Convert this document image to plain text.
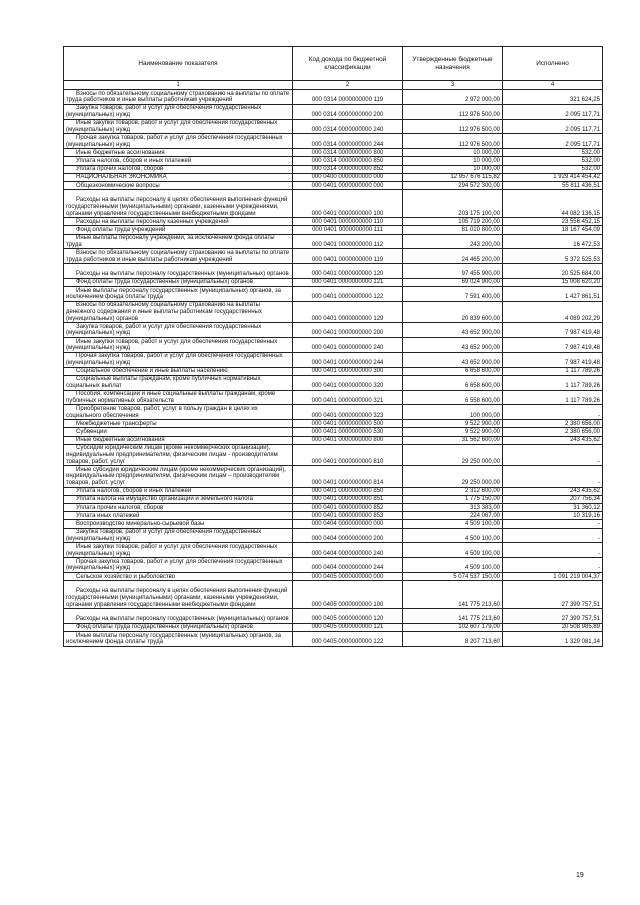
Наименование показателя	Код дохода по бюджетной классификации	Утвержденные бюджетные назначения	Исполнено
1	2	3	4
Взносы по обязательному социальному страхованию на выплаты по оплате труда работников и иные выплаты работникам учреждений	000 0314 0000000000 119	2 972 000,00	321 624,25
Закупка товаров, работ и услуг для обеспечения государственных (муниципальных) нужд	000 0314 0000000000 200	112 976 500,00	2 095 117,71
Иные закупки товаров, работ и услуг для обеспечения государственных (муниципальных) нужд	000 0314 0000000000 240	112 976 500,00	2 095 117,71
Прочая закупка товаров, работ и услуг для обеспечения государственных (муниципальных) нужд	000 0314 0000000000 244	112 976 500,00	2 095 117,71
Иные бюджетные ассигнования	000 0314 0000000000 800	10 000,00	532,00
Уплата налогов, сборов и иных платежей	000 0314 0000000000 850	10 000,00	532,00
Уплата прочих налогов, сборов	000 0314 0000000000 852	10 000,00	532,00
НАЦИОНАЛЬНАЯ ЭКОНОМИКА	000 0400 0000000000 000	12 957 676 115,82	1 929 414 454,42
Общеэкономические вопросы	000 0401 0000000000 000	294 572 300,00	55 811 436,51
Расходы на выплаты персоналу в целях обеспечения выполнения функций государственными (муниципальными) органами, казенными учреждениями, органами управления государственными внебюджетными фондами	000 0401 0000000000 100	203 175 100,00	44 082 136,15
Расходы на выплаты персоналу казенных учреждений	000 0401 0000000000 110	105 719 200,00	23 556 452,15
Фонд оплаты труда учреждений	000 0401 0000000000 111	81 010 800,00	18 167 454,09
Иные выплаты персоналу учреждений, за исключением фонда оплаты труда	000 0401 0000000000 112	243 200,00	16 472,53
Взносы по обязательному социальному страхованию на выплаты по оплате труда работников и иные выплаты работникам учреждений	000 0401 0000000000 119	24 465 200,00	5 372 525,53
Расходы на выплаты персоналу государственных (муниципальных) органов	000 0401 0000000000 120	97 455 900,00	20 525 684,00
Фонд оплаты труда государственных (муниципальных) органов	000 0401 0000000000 121	69 024 900,00	15 008 620,20
Иные выплаты персоналу государственных (муниципальных) органов, за исключением фонда оплаты труда	000 0401 0000000000 122	7 591 400,00	1 427 861,51
Взносы по обязательному социальному страхованию на выплаты денежного содержания и иные выплаты работникам государственных (муниципальных) органов	000 0401 0000000000 129	20 839 600,00	4 089 202,29
Закупка товаров, работ и услуг для обеспечения государственных (муниципальных) нужд	000 0401 0000000000 200	43 652 900,00	7 987 419,48
Иные закупки товаров, работ и услуг для обеспечения государственных (муниципальных) нужд	000 0401 0000000000 240	43 652 900,00	7 987 419,48
Прочая закупка товаров, работ и услуг для обеспечения государственных (муниципальных) нужд	000 0401 0000000000 244	43 652 900,00	7 987 419,48
Социальное обеспечение и иные выплаты населению	000 0401 0000000000 300	6 658 600,00	1 117 789,26
Социальные выплаты гражданам, кроме публичных нормативных социальных выплат	000 0401 0000000000 320	6 658 600,00	1 117 789,26
Пособия, компенсации и иные социальные выплаты гражданам, кроме публичных нормативных обязательств	000 0401 0000000000 321	6 558 600,00	1 117 789,26
Приобретение товаров, работ, услуг в пользу граждан в целях их социального обеспечения	000 0401 0000000000 323	100 000,00	-
Межбюджетные трансферты	000 0401 0000000000 500	9 522 900,00	2 380 656,00
Субвенции	000 0401 0000000000 530	9 522 900,00	2 380 656,00
Иные бюджетные ассигнования	000 0401 0000000000 800	31 562 600,00	243 435,62
Субсидии юридическим лицам (кроме некоммерческих организаций), индивидуальным предпринимателям, физическим лицам - производителям товаров, работ, услуг	000 0401 0000000000 810	29 250 000,00	-
Иные субсидии юридическим лицам (кроме некоммерческих организаций), индивидуальным предпринимателям, физическим лицам – производителям товаров, работ, услуг	000 0401 0000000000 814	29 250 000,00	-
Уплата налогов, сборов и иных платежей	000 0401 0000000000 850	2 312 600,00	243 435,62
Уплата налога на имущество организаций и земельного налога	000 0401 0000000000 851	1 775 150,00	207 756,34
Уплата прочих налогов, сборов	000 0401 0000000000 852	313 383,00	31 360,12
Уплата иных платежей	000 0401 0000000000 853	224 067,00	10 319,16
Воспроизводство минерально-сырьевой базы	000 0404 0000000000 000	4 509 100,00	-
Закупка товаров, работ и услуг для обеспечения государственных (муниципальных) нужд	000 0404 0000000000 200	4 509 100,00	-
Иные закупки товаров, работ и услуг для обеспечения государственных (муниципальных) нужд	000 0404 0000000000 240	4 509 100,00	-
Прочая закупка товаров, работ и услуг для обеспечения государственных (муниципальных) нужд	000 0404 0000000000 244	4 509 100,00	-
Сельское хозяйство и рыболовство	000 0405 0000000000 000	5 074 537 150,00	1 091 219 004,37
Расходы на выплаты персоналу в целях обеспечения выполнения функций государственными (муниципальными) органами, казенными учреждениями, органами управления государственными внебюджетными фондами	000 0405 0000000000 100	141 775 213,60	27 399 757,51
Расходы на выплаты персоналу государственных (муниципальных) органов	000 0405 0000000000 120	141 775 213,60	27 399 757,51
Фонд оплаты труда государственных (муниципальных) органов	000 0405 0000000000 121	102 607 179,00	20 508 985,89
Иные выплаты персоналу государственных (муниципальных) органов, за исключением фонда оплаты труда	000 0405 0000000000 122	8 207 713,60	1 329 081,14
19
